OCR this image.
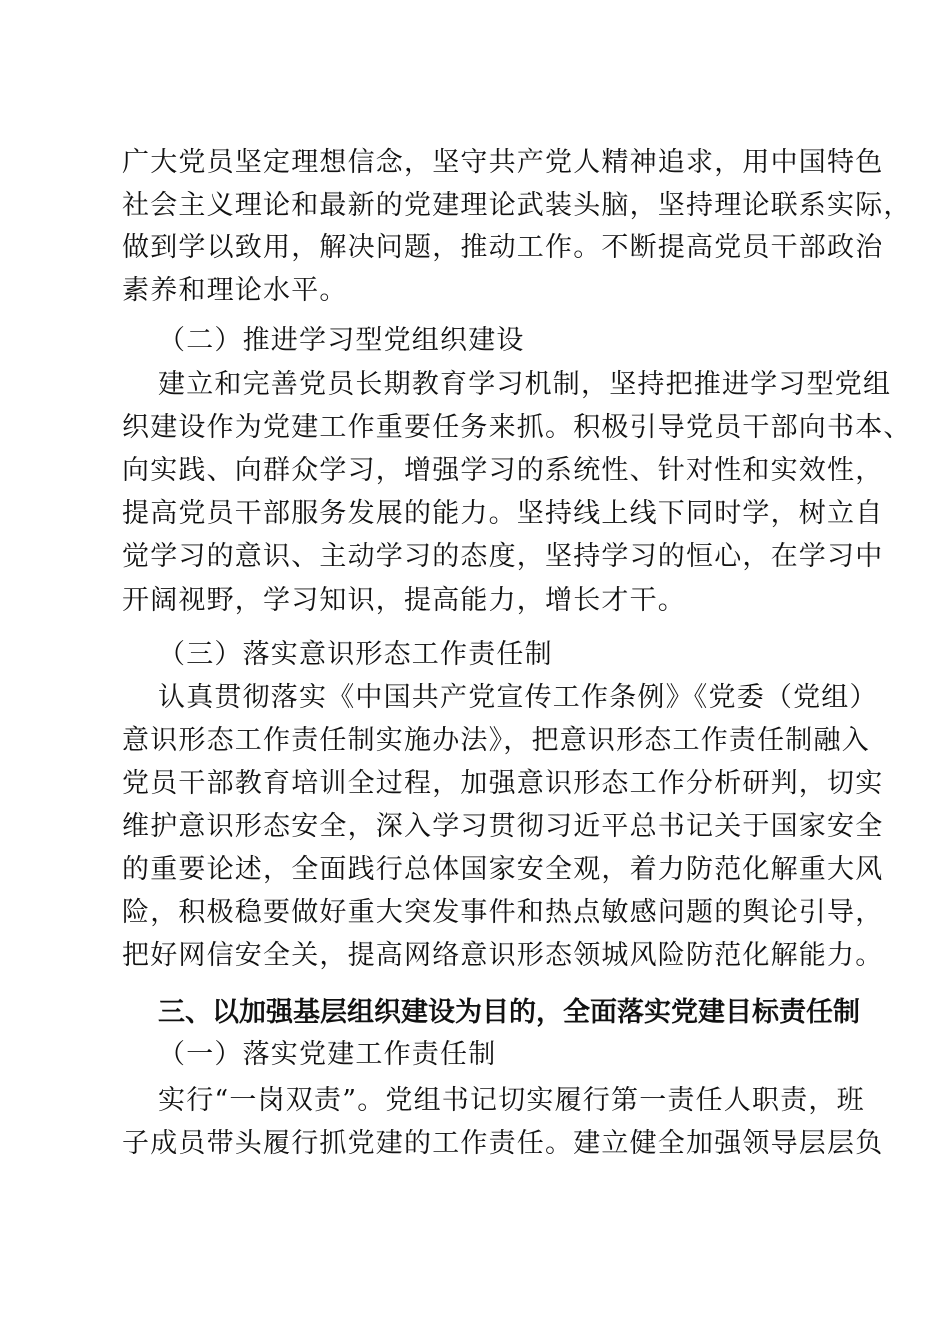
广大党员坚定理想信念，坚守共产党人精神追求，用中国特色
社会主义理论和最新的党建理论武装头脑，坚持理论联系实际，
做到学以致用，解决问题，推动工作。不断提高党员干部政治
素养和理论水平。
（二）推进学习型党组织建设
建立和完善党员长期教育学习机制，坚持把推进学习型党组
织建设作为党建工作重要任务来抓。积极引导党员干部向书本、
向实践、向群众学习，增强学习的系统性、针对性和实效性，
提高党员干部服务发展的能力。坚持线上线下同时学，树立自
觉学习的意识、主动学习的态度，坚持学习的恒心，在学习中
开阔视野，学习知识，提高能力，增长才干。
（三）落实意识形态工作责任制
认真贯彻落实《中国共产党宣传工作条例》《党委（党组）
意识形态工作责任制实施办法》，把意识形态工作责任制融入
党员干部教育培训全过程，加强意识形态工作分析研判，切实
维护意识形态安全，深入学习贯彻习近平总书记关于国家安全
的重要论述，全面践行总体国家安全观，着力防范化解重大风
险，积极稳要做好重大突发事件和热点敏感问题的舆论引导，
把好网信安全关，提高网络意识形态领城风险防范化解能力。
三、以加强基层组织建设为目的，全面落实党建目标责任制
（一）落实党建工作责任制
实行“一岗双责”。党组书记切实履行第一责任人职责，班
子成员带头履行抓党建的工作责任。建立健全加强领导层层负
